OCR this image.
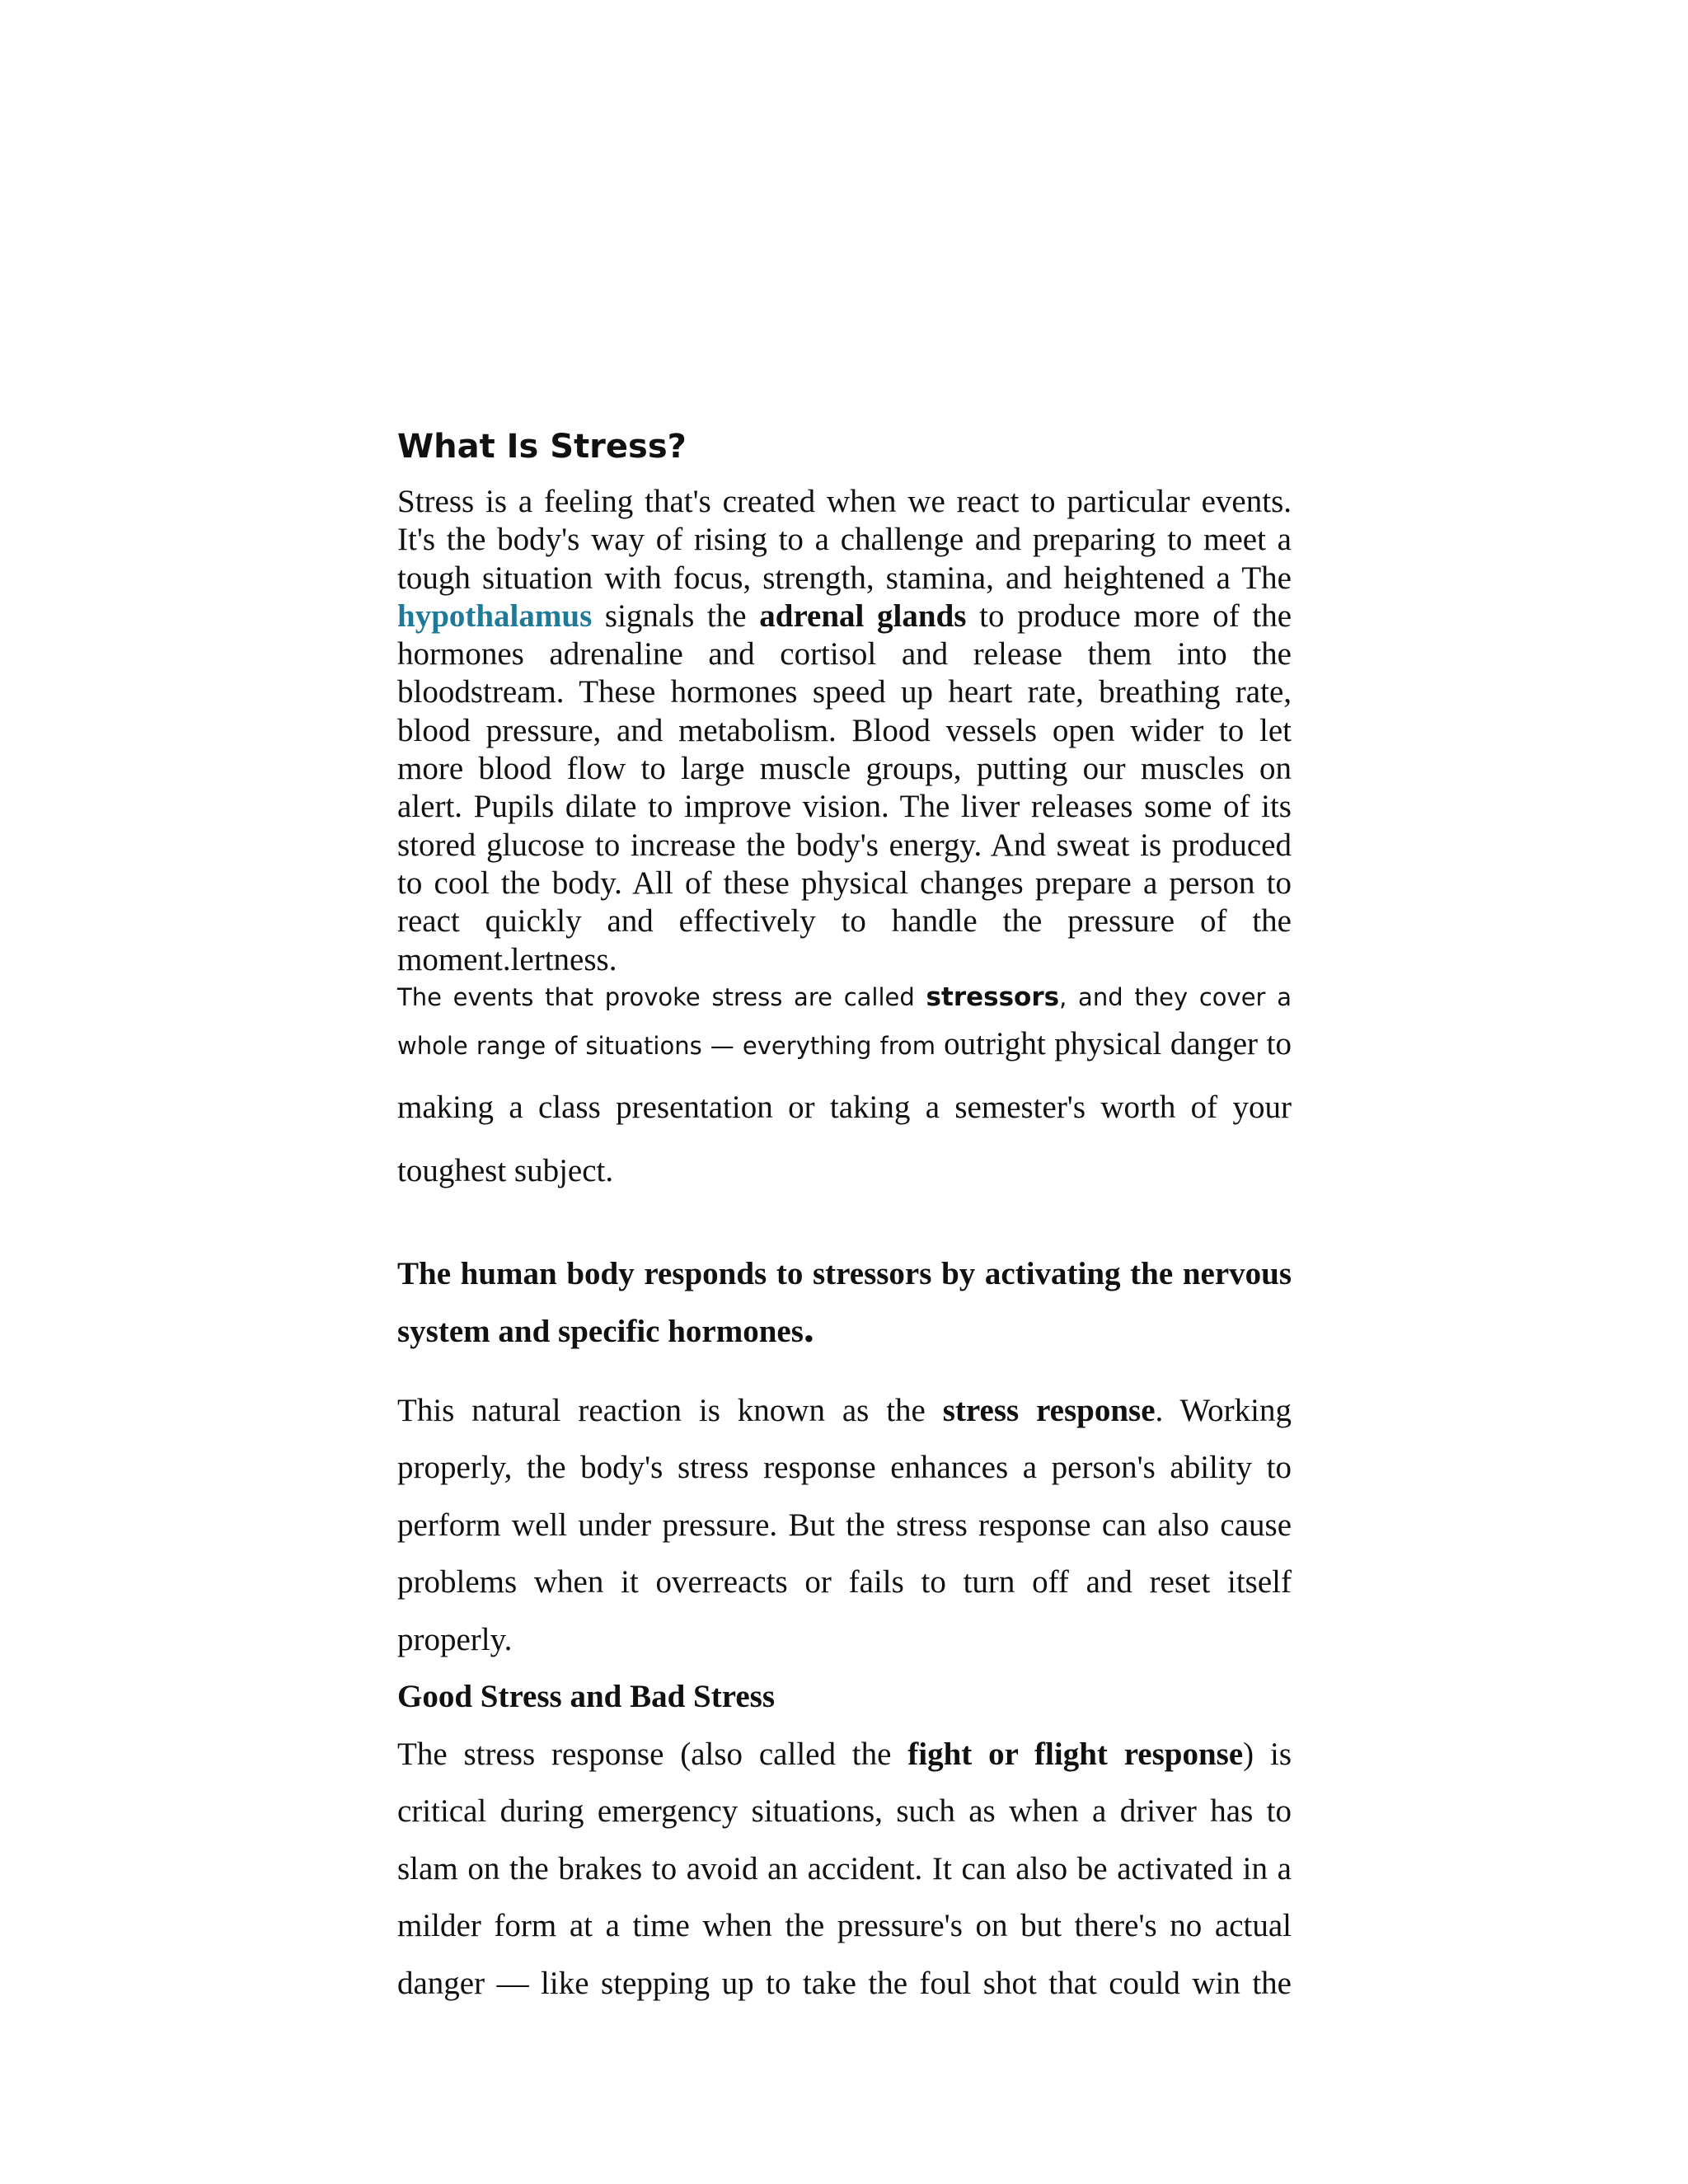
What Is Stress?

Stress is a feeling that's created when we react to particular events. It's the body's way of rising to a challenge and preparing to meet a tough situation with focus, strength, stamina, and heightened a The hypothalamus signals the adrenal glands to produce more of the hormones adrenaline and cortisol and release them into the bloodstream. These hormones speed up heart rate, breathing rate, blood pressure, and metabolism. Blood vessels open wider to let more blood flow to large muscle groups, putting our muscles on alert. Pupils dilate to improve vision. The liver releases some of its stored glucose to increase the body's energy. And sweat is produced to cool the body. All of these physical changes prepare a person to react quickly and effectively to handle the pressure of the moment.lertness.

The events that provoke stress are called stressors, and they cover a
whole range of situations — everything from outright physical danger to making a class presentation or taking a semester's worth of your toughest subject.

The human body responds to stressors by activating the nervous system and specific hormones.

This natural reaction is known as the stress response. Working properly, the body's stress response enhances a person's ability to perform well under pressure. But the stress response can also cause problems when it overreacts or fails to turn off and reset itself properly.

Good Stress and Bad Stress

The stress response (also called the fight or flight response) is critical during emergency situations, such as when a driver has to slam on the brakes to avoid an accident. It can also be activated in a milder form at a time when the pressure's on but there's no actual danger — like stepping up to take the foul shot that could win the
